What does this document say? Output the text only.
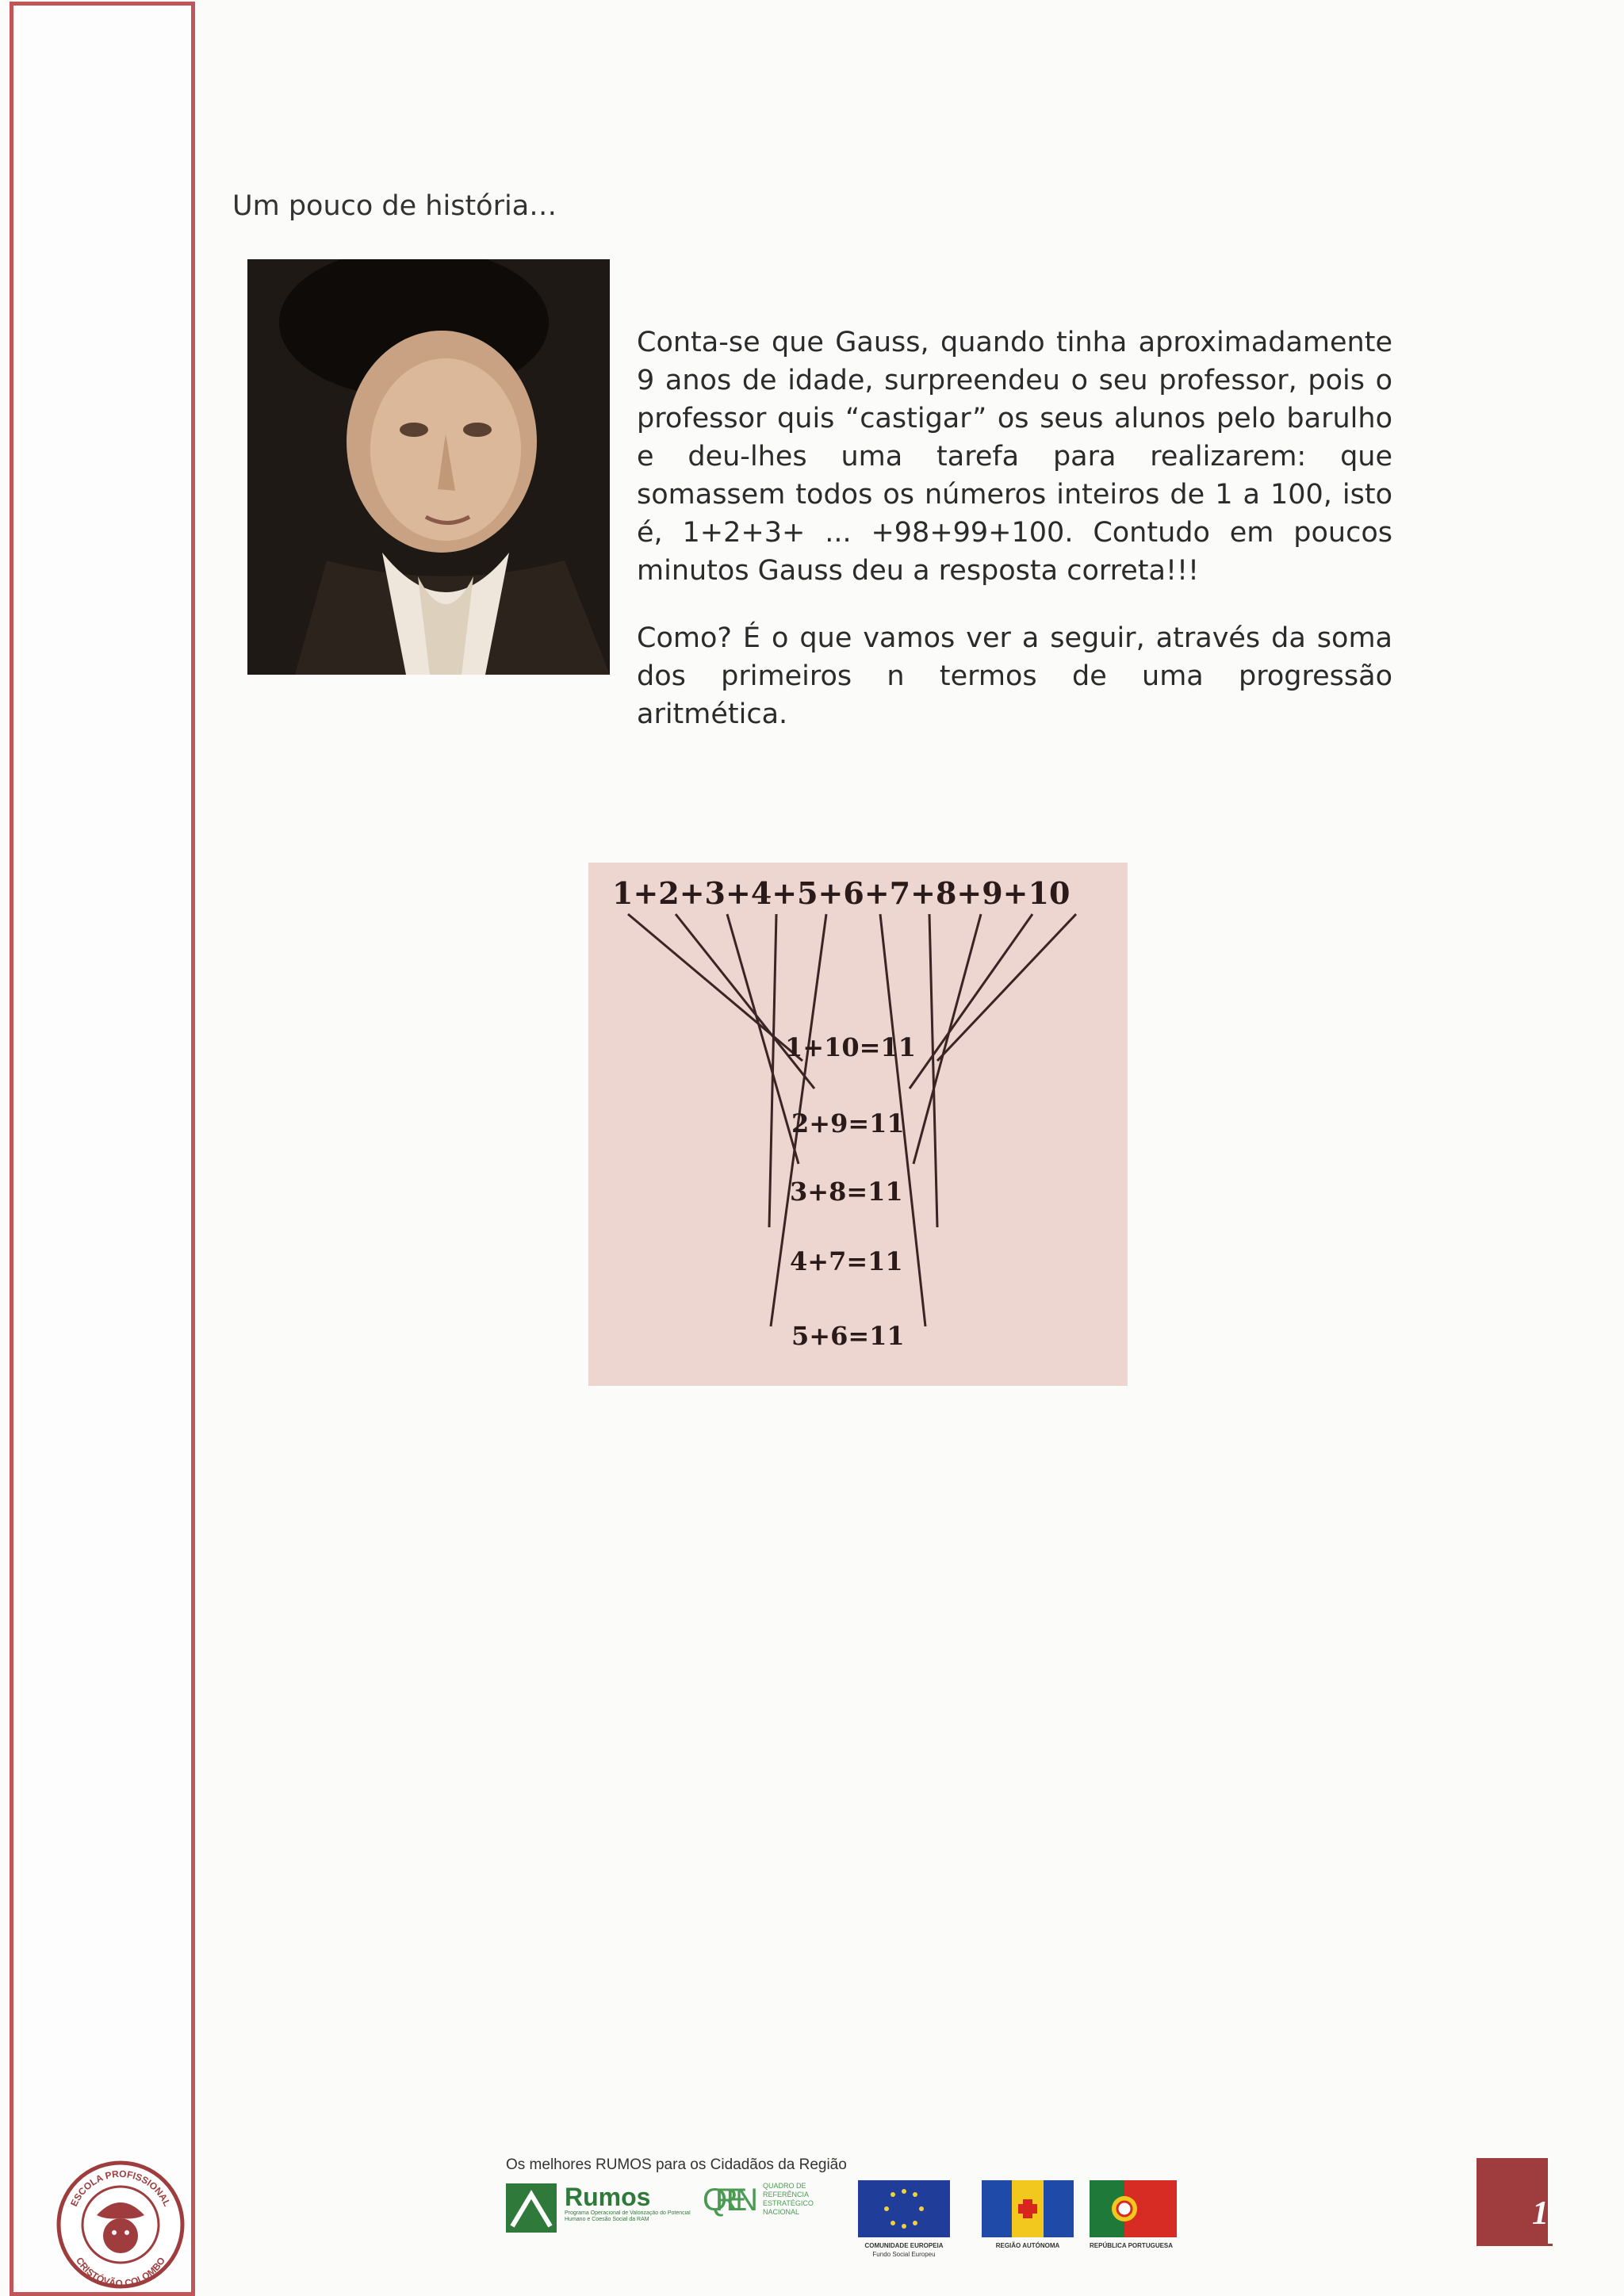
Um pouco de história…
Conta-se que Gauss, quando tinha aproximadamente 9 anos de idade, surpreendeu o seu professor, pois o professor quis “castigar” os seus alunos pelo barulho e deu-lhes uma tarefa para realizarem: que somassem todos os números inteiros de 1 a 100, isto é, 1+2+3+ ... +98+99+100. Contudo em poucos minutos Gauss deu a resposta correta!!!
Como? É o que vamos ver a seguir, através da soma dos primeiros n termos de uma progressão aritmética.
1+2+3+4+5+6+7+8+9+10
1+10=11
2+9=11
3+8=11
4+7=11
5+6=11
Os melhores RUMOS para os Cidadãos da Região
Rumos
Programa Operacional de Valorização do Potencial Humano e Coesão Social da RAM
QREN QUADRO DE REFERÊNCIA ESTRATÉGICO NACIONAL
COMUNIDADE EUROPEIA
Fundo Social Europeu
REGIÃO AUTÓNOMA	REPÚBLICA PORTUGUESA
ESCOLA PROFISSIONAL
CRISTÓVÃO COLOMBO
1
